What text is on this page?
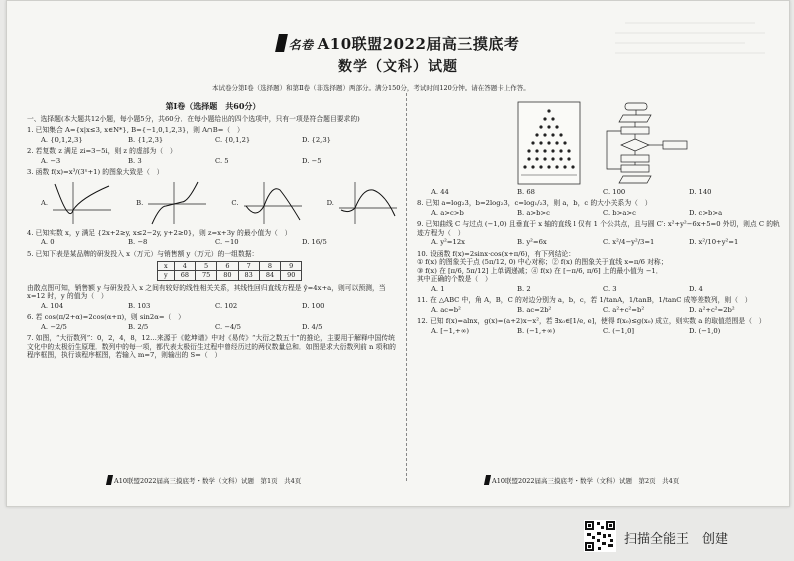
名卷 A10联盟2022届高三摸底考
数学（文科）试题
本试卷分第Ⅰ卷（选择题）和第Ⅱ卷（非选择题）两部分。满分150分，考试时间120分钟。请在答题卡上作答。
第Ⅰ卷（选择题　共60分）
一、选择题(本大题共12小题，每小题5分，共60分．在每小题给出的四个选项中，只有一项是符合题目要求的)
1. 已知集合 A={x|x≤3, x∈N*}, B={−1,0,1,2,3}，则 A∩B=（　）
A. {0,1,2,3}	B. {1,2,3}	C. {0,1,2}	D. {2,3}
2. 若复数 z 满足 zi=3−5i，则 z 的虚部为（　）
A. −3	B. 3	C. 5	D. −5
3. 函数 f(x)=x³/(3ˣ+1) 的图象大致是（　）
A.	B.	C.	D.
4. 已知实数 x，y 满足 {2x+2≥y, x≤2−2y, y+2≥0}，则 z=x+3y 的最小值为（　）
A. 0	B. −8	C. −10	D. 16/5
5. 已知下表是某品牌的研发投入 x（万元）与销售额 y（万元）的一组数据：
x	4	5	6	7	8	9
y	68	75	80	83	84	90
由散点图可知，销售额 y 与研发投入 x 之间有较好的线性相关关系，其线性回归直线方程是 ŷ=4x+a，则可以预测，当 x=12 时，y 的值为（　）
A. 104	B. 103	C. 102	D. 100
6. 若 cos(π/2+α)=2cos(α+π)，则 sin2α=（　）
A. −2/5	B. 2/5	C. −4/5	D. 4/5
7. 如图，“大衍数列”：0，2，4，8，12…来源于《乾坤谱》中对《易传》“大衍之数五十”的推论，主要用于解释中国传统文化中的太极衍生原理．数列中的每一项，都代表太极衍生过程中曾经历过的两仪数量总和．如图是求大衍数列前 n 项和的程序框图，执行该程序框图，若输入 m=7，则输出的 S=（　）
A. 44	B. 68	C. 100	D. 140
8. 已知 a=log₂3，b=2log₂3，c=log₁/₂3，则 a，b，c 的大小关系为（　）
A. a>c>b	B. a>b>c	C. b>a>c	D. c>b>a
9. 已知曲线 C 与过点 (−1,0) 且垂直于 x 轴的直线 l 仅有 1 个公共点，且与圆 C′: x²+y²−6x+5=0 外切，则点 C 的轨迹方程为（　）
A. y²=12x	B. y²=6x	C. x²/4−y²/3=1	D. x²/10+y²=1
10. 设函数 f(x)=2sinx·cos(x+π/6)，有下列结论：
① f(x) 的图象关于点 (5π/12, 0) 中心对称；② f(x) 的图象关于直线 x=π/6 对称；
③ f(x) 在 [π/6, 5π/12] 上单调递减；④ f(x) 在 [−π/6, π/6] 上的最小值为 −1．
其中正确的个数是（　）
A. 1	B. 2	C. 3	D. 4
11. 在 △ABC 中，角 A，B，C 的对边分别为 a，b，c，若 1/tanA，1/tanB，1/tanC 成等差数列，则（　）
A. ac=b²	B. ac=2b²	C. a²+c²=b²	D. a²+c²=2b²
12. 已知 f(x)=alnx，g(x)=(a+2)x−x²，若 ∃x₀∈[1/e, e]，使得 f(x₀)≤g(x₀) 成立，则实数 a 的取值范围是（　）
A. [−1,+∞)	B. (−1,+∞)	C. (−1,0]	D. (−1,0)
A10联盟2022届高三摸底考・数学（文科）试题　第1页　共4页	A10联盟2022届高三摸底考・数学（文科）试题　第2页　共4页
扫描全能王　创建
